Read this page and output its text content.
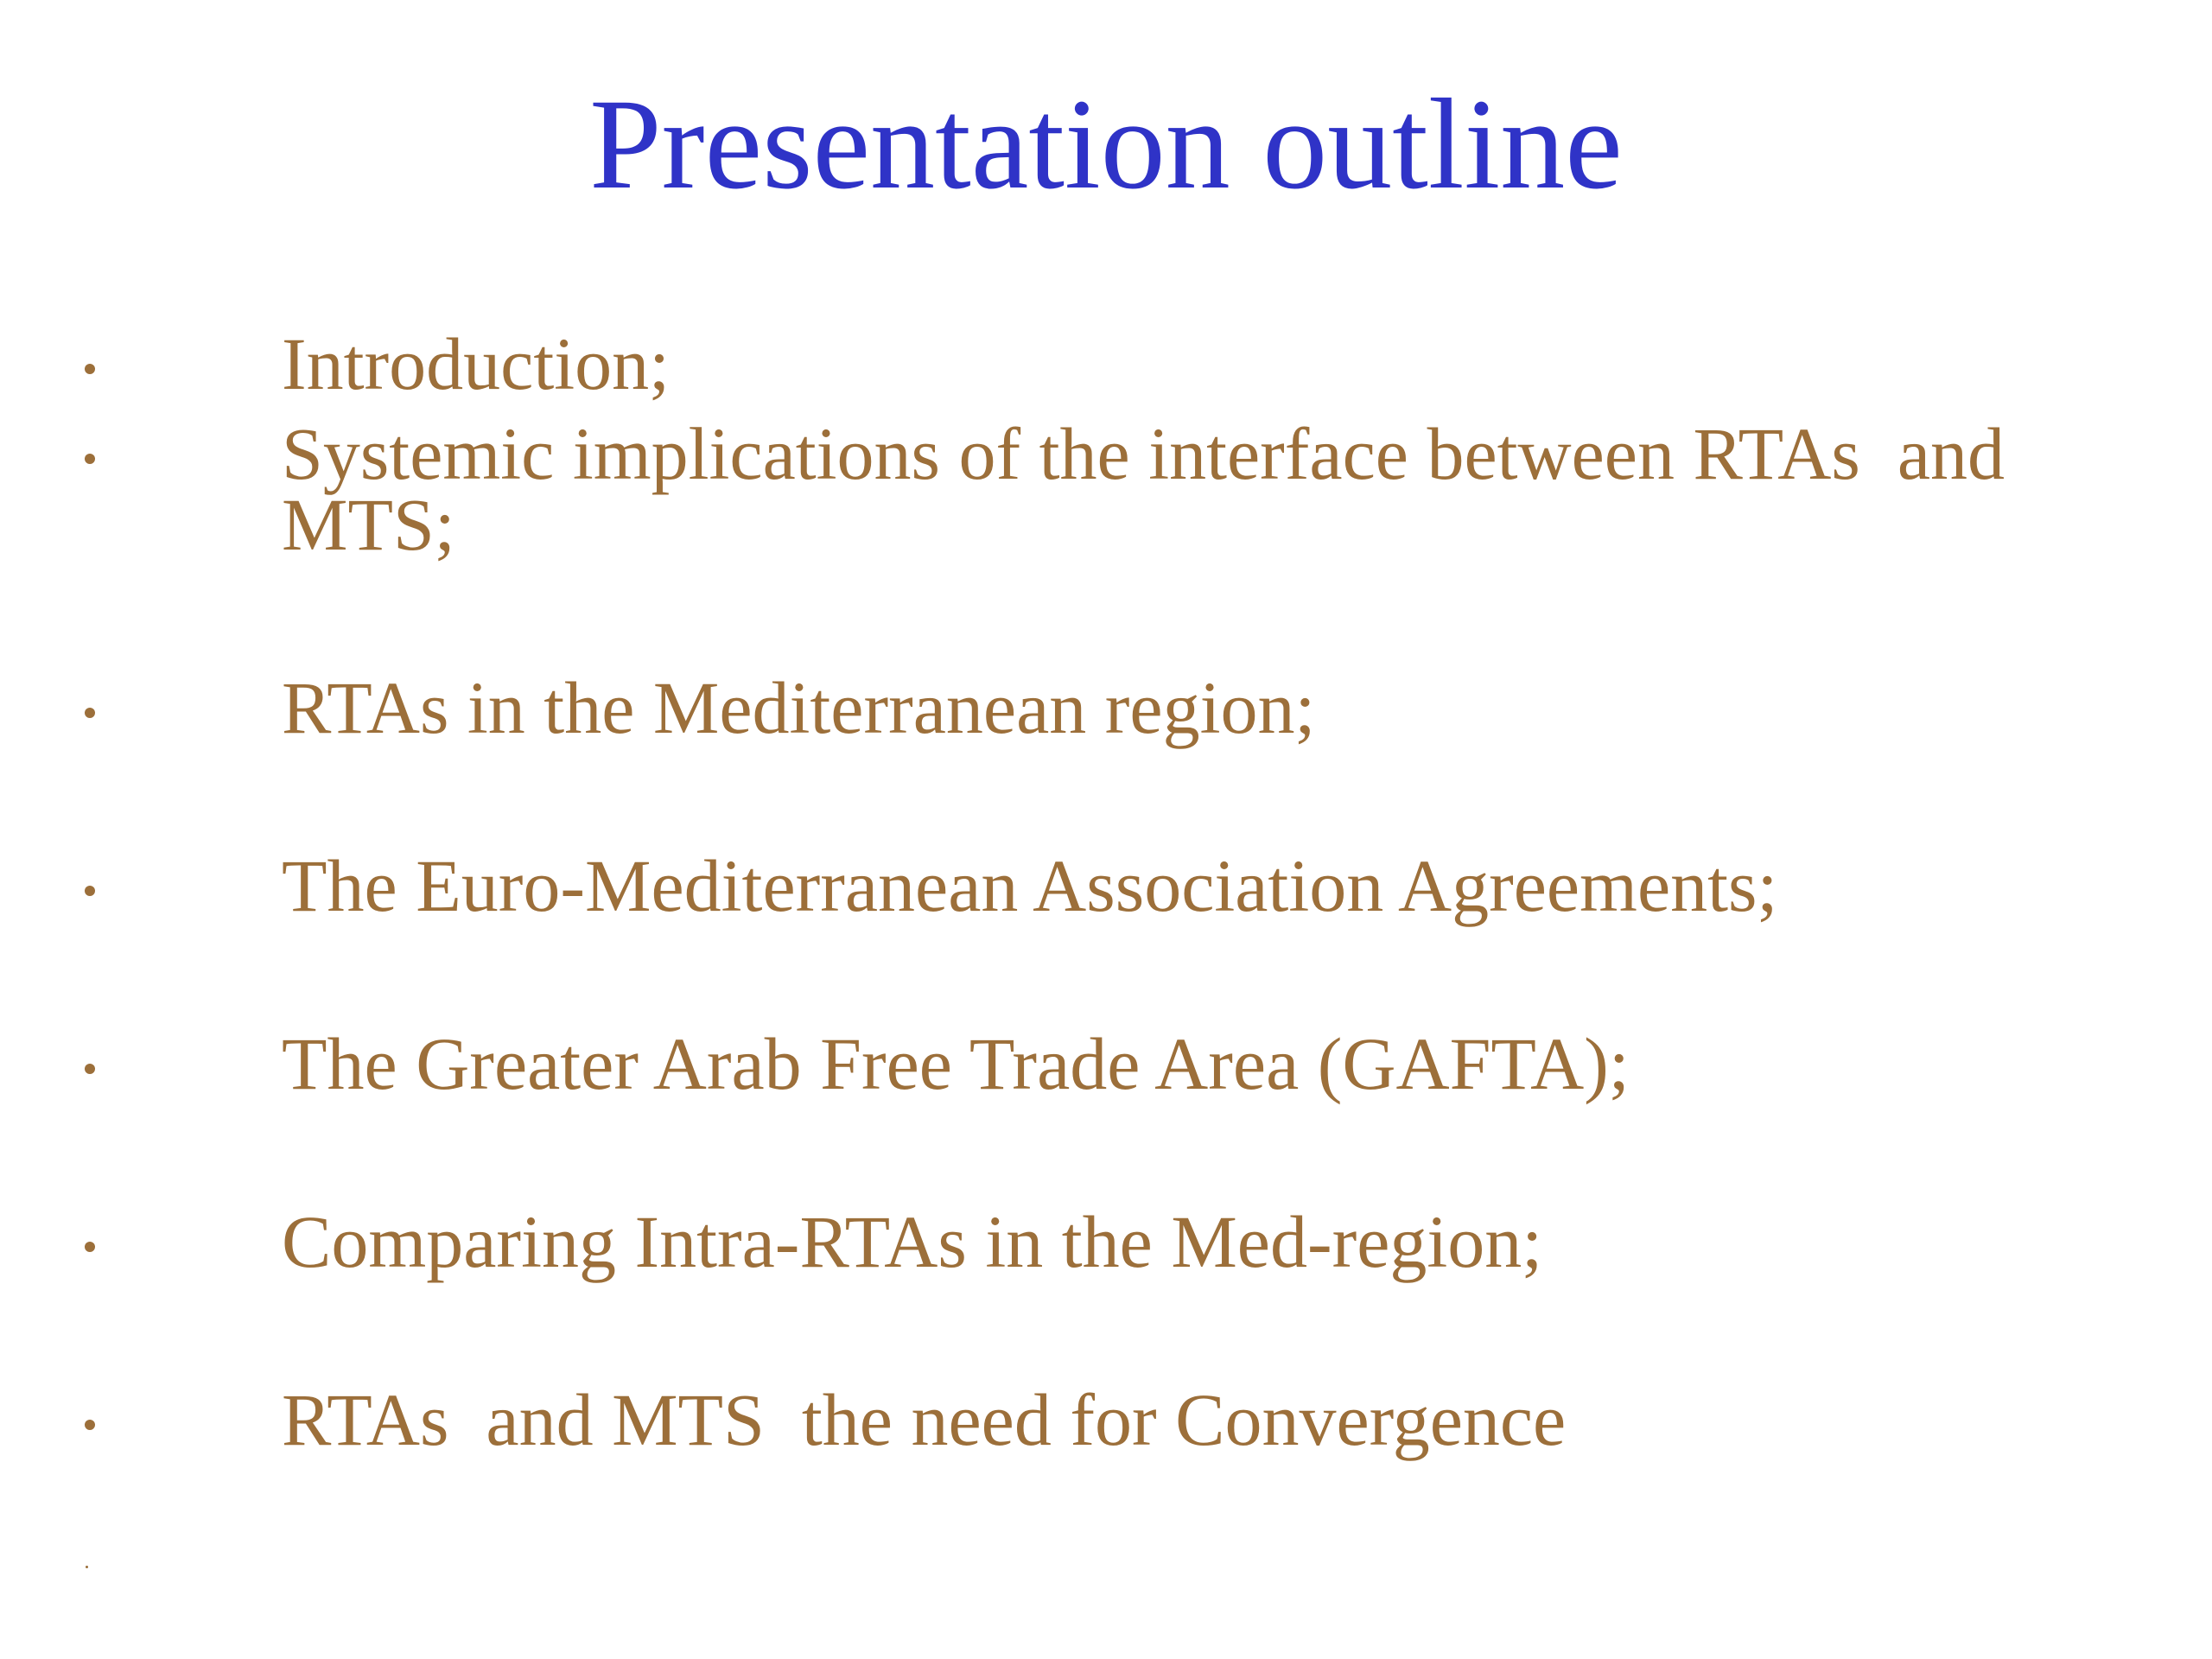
Presentation outline
Introduction;
Systemic implications of the interface between RTAs  and MTS;
RTAs in the Mediterranean region;
The Euro-Mediterranean Association Agreements;
The Greater Arab Free Trade Area (GAFTA);
Comparing Intra-RTAs in the Med-region;
RTAs  and MTS  the need for Convergence
